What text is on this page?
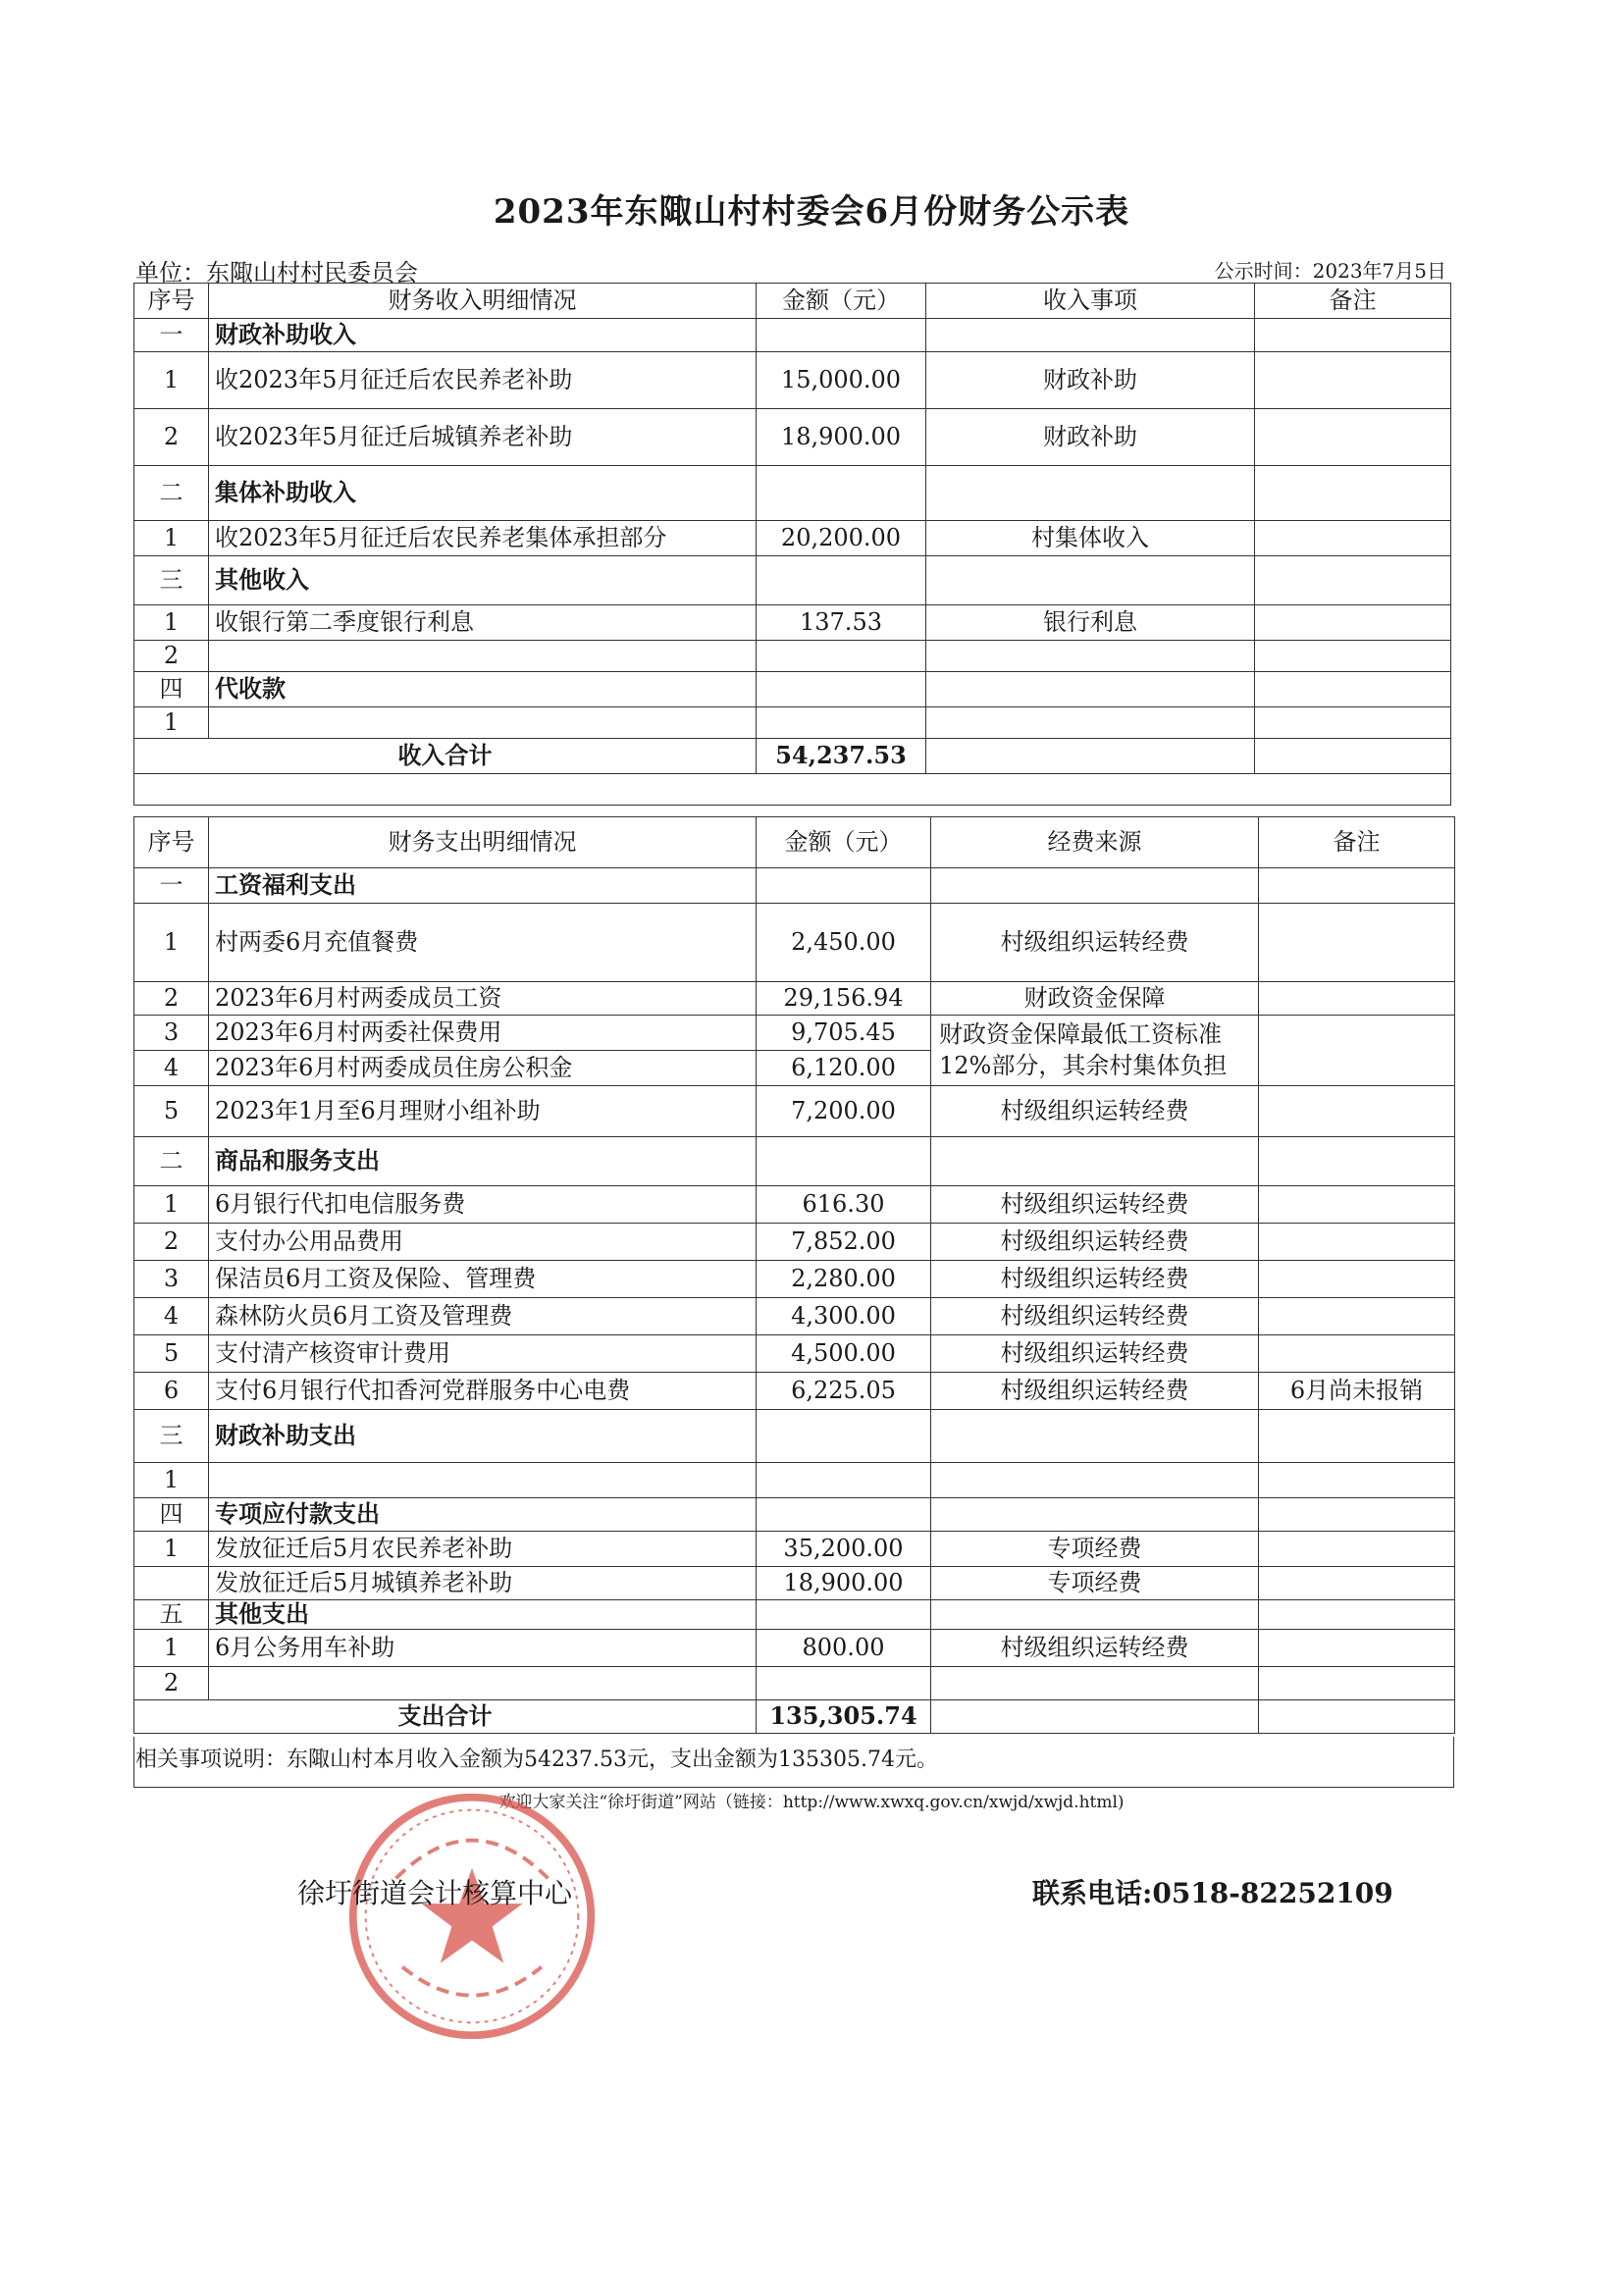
2023年东陬山村村委会6月份财务公示表
单位：东陬山村村民委员会	公示时间：2023年7月5日
序号	财务收入明细情况	金额（元）	收入事项	备注
一	财政补助收入			
1	收2023年5月征迁后农民养老补助	15,000.00	财政补助	
2	收2023年5月征迁后城镇养老补助	18,900.00	财政补助	
二	集体补助收入			
1	收2023年5月征迁后农民养老集体承担部分	20,200.00	村集体收入	
三	其他收入			
1	收银行第二季度银行利息	137.53	银行利息	
2				
四	代收款			
1				
收入合计		54,237.53		

序号	财务支出明细情况	金额（元）	经费来源	备注
一	工资福利支出			
1	村两委6月充值餐费	2,450.00	村级组织运转经费	
2	2023年6月村两委成员工资	29,156.94	财政资金保障	
3	2023年6月村两委社保费用	9,705.45	财政资金保障最低工资标准12%部分，其余村集体负担	
4	2023年6月村两委成员住房公积金	6,120.00		
5	2023年1月至6月理财小组补助	7,200.00	村级组织运转经费	
二	商品和服务支出			
1	6月银行代扣电信服务费	616.30	村级组织运转经费	
2	支付办公用品费用	7,852.00	村级组织运转经费	
3	保洁员6月工资及保险、管理费	2,280.00	村级组织运转经费	
4	森林防火员6月工资及管理费	4,300.00	村级组织运转经费	
5	支付清产核资审计费用	4,500.00	村级组织运转经费	
6	支付6月银行代扣香河党群服务中心电费	6,225.05	村级组织运转经费	6月尚未报销
三	财政补助支出			
1				
四	专项应付款支出			
1	发放征迁后5月农民养老补助	35,200.00	专项经费	
	发放征迁后5月城镇养老补助	18,900.00	专项经费	
五	其他支出			
1	6月公务用车补助	800.00	村级组织运转经费	
2				
支出合计		135,305.74		
相关事项说明：东陬山村本月收入金额为54237.53元，支出金额为135305.74元。
欢迎大家关注“徐圩街道”网站（链接：http://www.xwxq.gov.cn/xwjd/xwjd.html)
徐圩街道会计核算中心	联系电话:0518-82252109
